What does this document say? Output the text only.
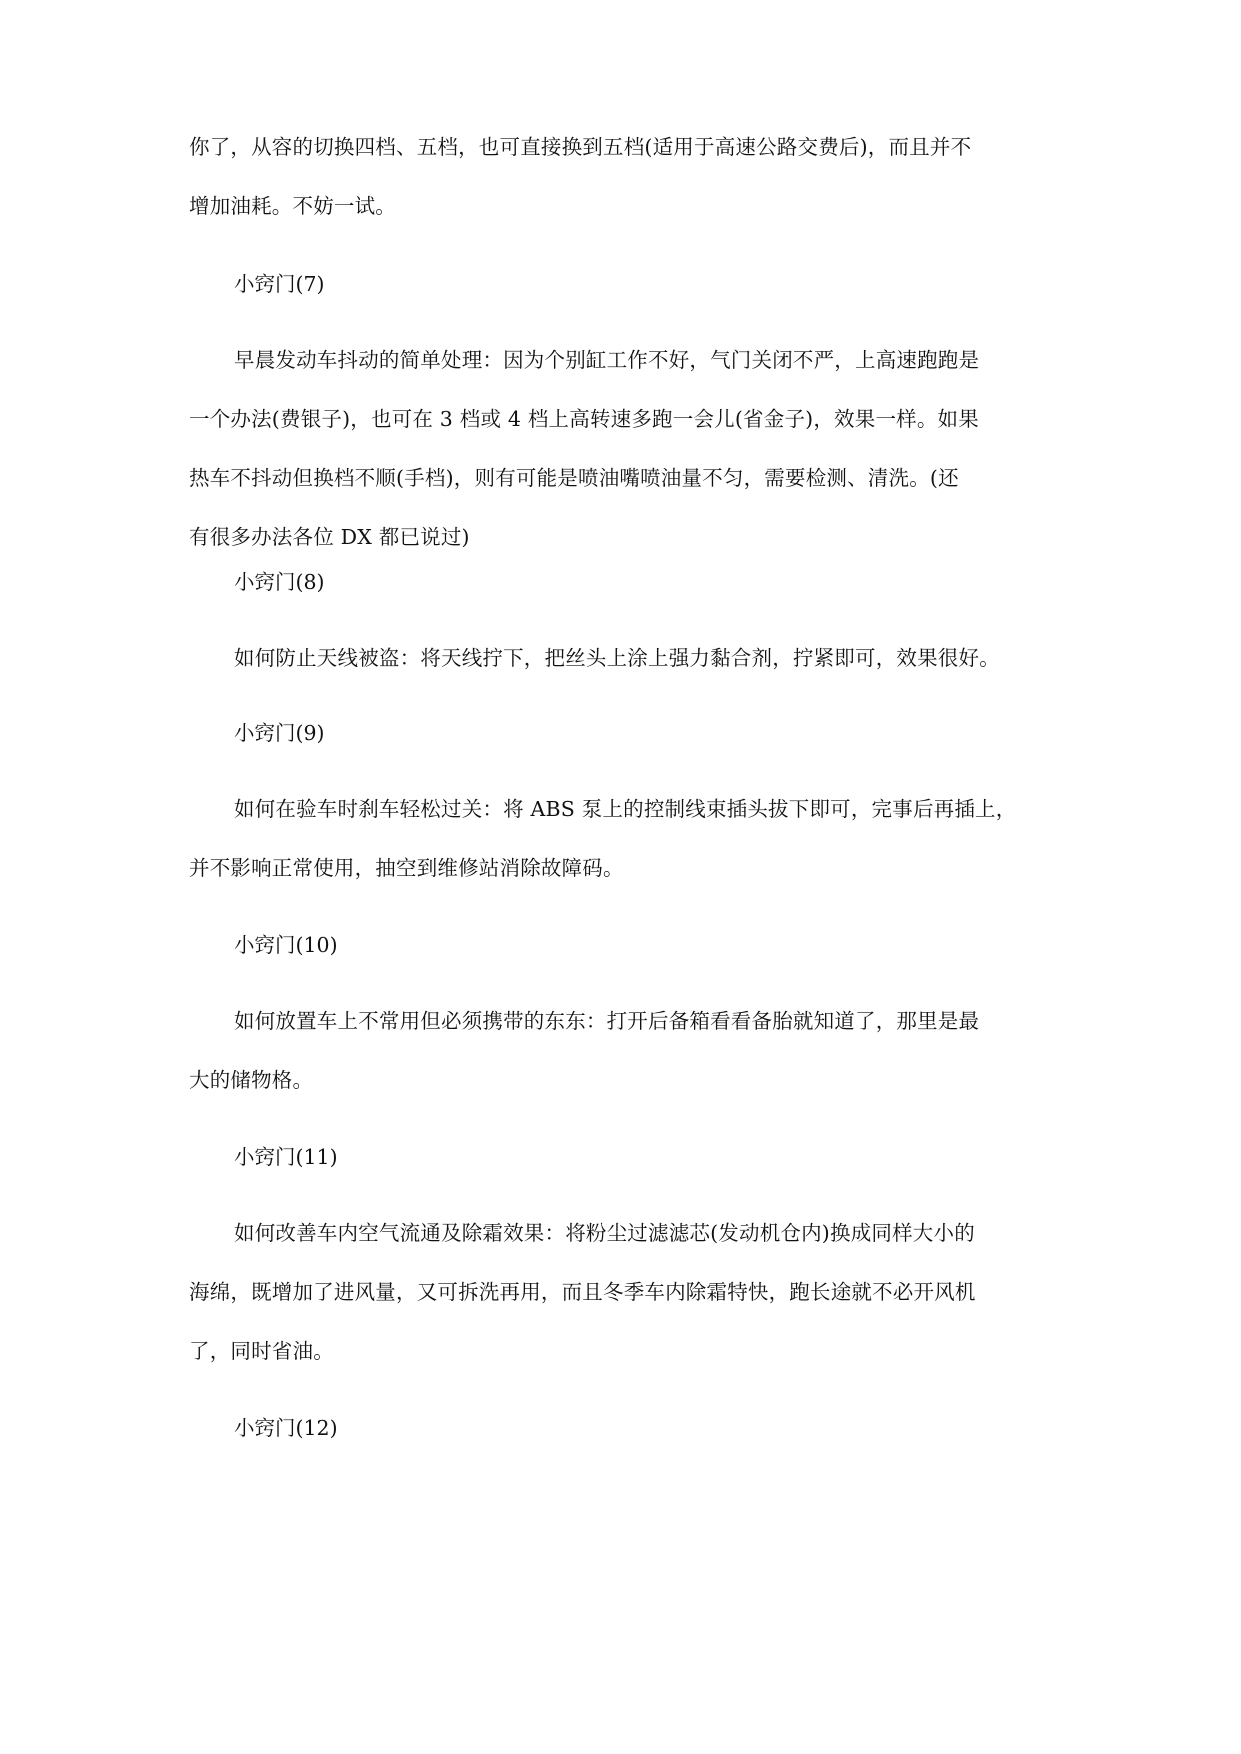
你了，从容的切换四档、五档，也可直接换到五档(适用于高速公路交费后)，而且并不
增加油耗。不妨一试。

小窍门(7)

早晨发动车抖动的简单处理：因为个别缸工作不好，气门关闭不严，上高速跑跑是
一个办法(费银子)，也可在 3 档或 4 档上高转速多跑一会儿(省金子)，效果一样。如果
热车不抖动但换档不顺(手档)，则有可能是喷油嘴喷油量不匀，需要检测、清洗。(还
有很多办法各位 DX 都已说过)

小窍门(8)

如何防止天线被盗：将天线拧下，把丝头上涂上强力黏合剂，拧紧即可，效果很好。

小窍门(9)

如何在验车时刹车轻松过关：将 ABS 泵上的控制线束插头拔下即可，完事后再插上，
并不影响正常使用，抽空到维修站消除故障码。

小窍门(10)

如何放置车上不常用但必须携带的东东：打开后备箱看看备胎就知道了，那里是最
大的储物格。

小窍门(11)

如何改善车内空气流通及除霜效果：将粉尘过滤滤芯(发动机仓内)换成同样大小的
海绵，既增加了进风量，又可拆洗再用，而且冬季车内除霜特快，跑长途就不必开风机
了，同时省油。

小窍门(12)
